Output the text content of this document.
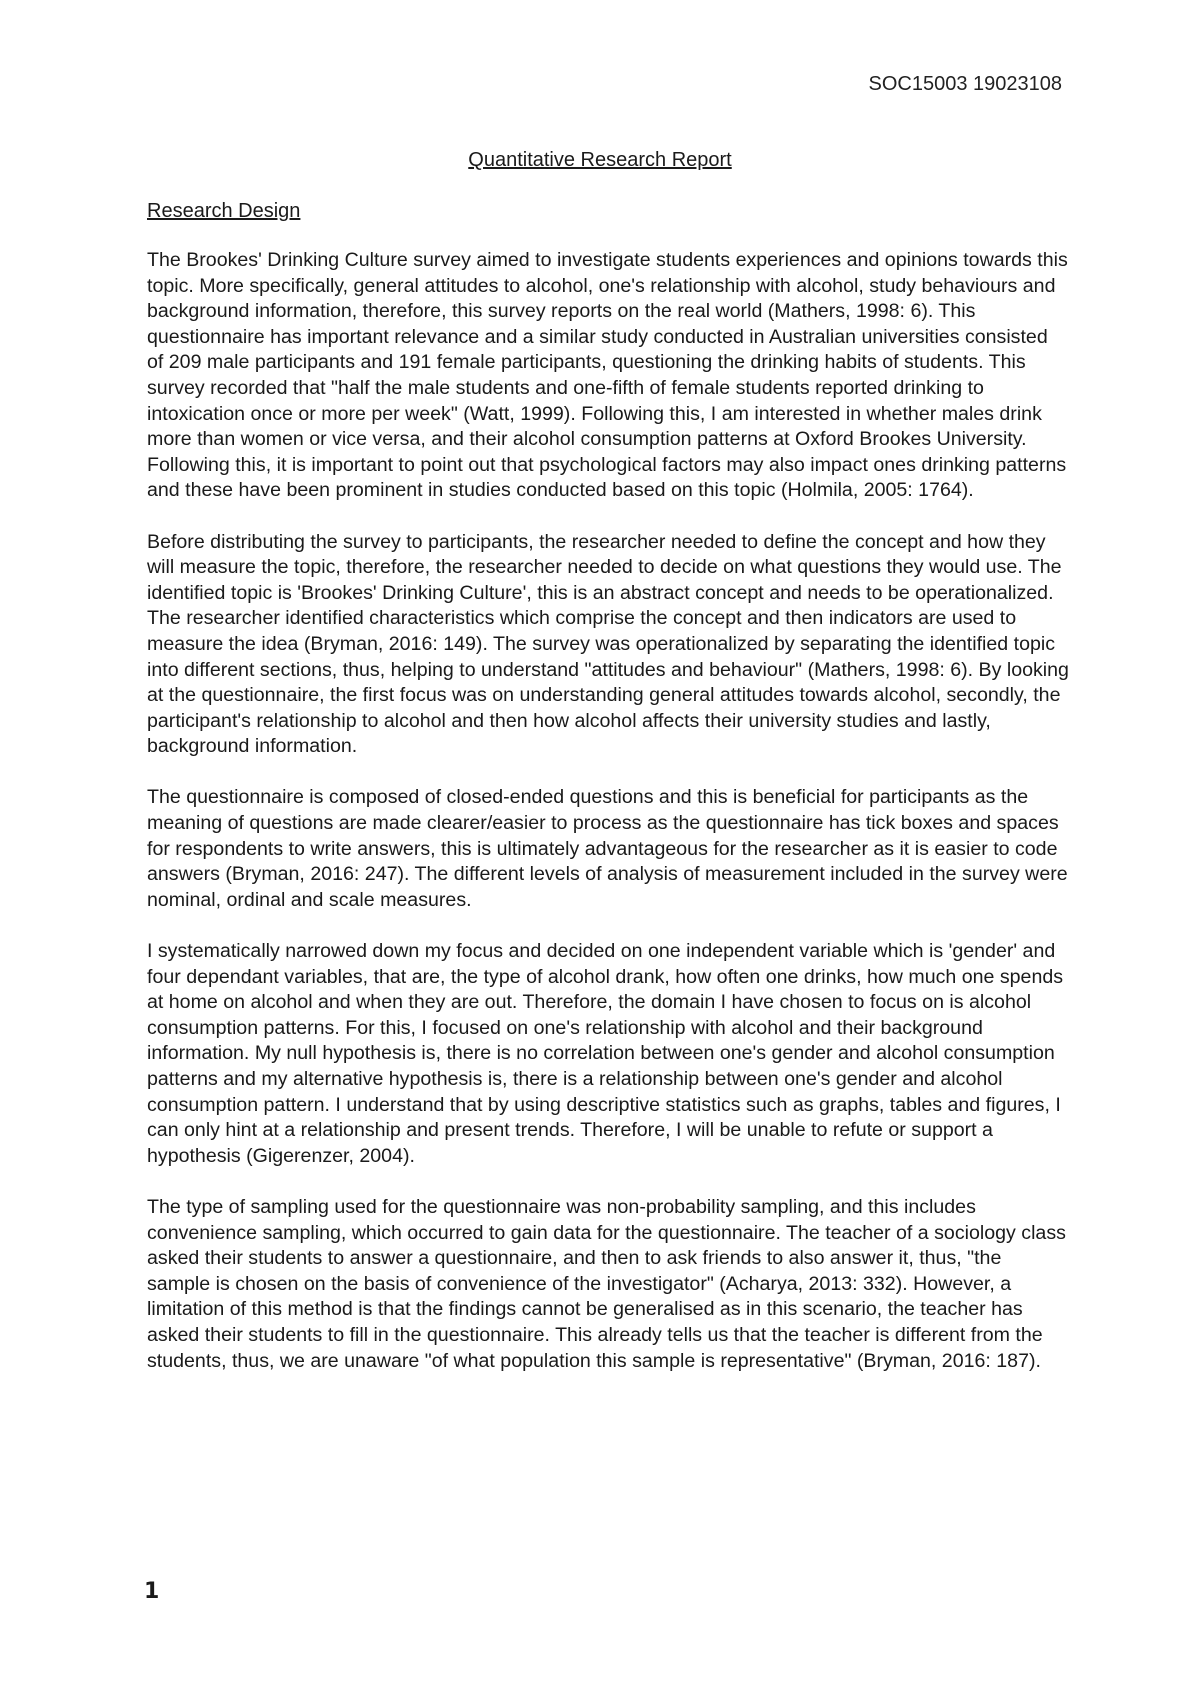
SOC15003 19023108
Quantitative Research Report
Research Design

The Brookes' Drinking Culture survey aimed to investigate students experiences and opinions towards this topic. More specifically, general attitudes to alcohol, one's relationship with alcohol, study behaviours and background information, therefore, this survey reports on the real world (Mathers, 1998: 6). This questionnaire has important relevance and a similar study conducted in Australian universities consisted of 209 male participants and 191 female participants, questioning the drinking habits of students. This survey recorded that "half the male students and one-fifth of female students reported drinking to intoxication once or more per week" (Watt, 1999). Following this, I am interested in whether males drink more than women or vice versa, and their alcohol consumption patterns at Oxford Brookes University. Following this, it is important to point out that psychological factors may also impact ones drinking patterns and these have been prominent in studies conducted based on this topic (Holmila, 2005: 1764).

Before distributing the survey to participants, the researcher needed to define the concept and how they will measure the topic, therefore, the researcher needed to decide on what questions they would use. The identified topic is 'Brookes' Drinking Culture', this is an abstract concept and needs to be operationalized. The researcher identified characteristics which comprise the concept and then indicators are used to measure the idea (Bryman, 2016: 149). The survey was operationalized by separating the identified topic into different sections, thus, helping to understand "attitudes and behaviour" (Mathers, 1998: 6). By looking at the questionnaire, the first focus was on understanding general attitudes towards alcohol, secondly, the participant's relationship to alcohol and then how alcohol affects their university studies and lastly, background information.

The questionnaire is composed of closed-ended questions and this is beneficial for participants as the meaning of questions are made clearer/easier to process as the questionnaire has tick boxes and spaces for respondents to write answers, this is ultimately advantageous for the researcher as it is easier to code answers (Bryman, 2016: 247). The different levels of analysis of measurement included in the survey were nominal, ordinal and scale measures.

I systematically narrowed down my focus and decided on one independent variable which is 'gender' and four dependant variables, that are, the type of alcohol drank, how often one drinks, how much one spends at home on alcohol and when they are out. Therefore, the domain I have chosen to focus on is alcohol consumption patterns. For this, I focused on one's relationship with alcohol and their background information. My null hypothesis is, there is no correlation between one's gender and alcohol consumption patterns and my alternative hypothesis is, there is a relationship between one's gender and alcohol consumption pattern. I understand that by using descriptive statistics such as graphs, tables and figures, I can only hint at a relationship and present trends. Therefore, I will be unable to refute or support a hypothesis (Gigerenzer, 2004).

The type of sampling used for the questionnaire was non-probability sampling, and this includes convenience sampling, which occurred to gain data for the questionnaire. The teacher of a sociology class asked their students to answer a questionnaire, and then to ask friends to also answer it, thus, "the sample is chosen on the basis of convenience of the investigator" (Acharya, 2013: 332). However, a limitation of this method is that the findings cannot be generalised as in this scenario, the teacher has asked their students to fill in the questionnaire. This already tells us that the teacher is different from the students, thus, we are unaware "of what population this sample is representative" (Bryman, 2016: 187).

1
